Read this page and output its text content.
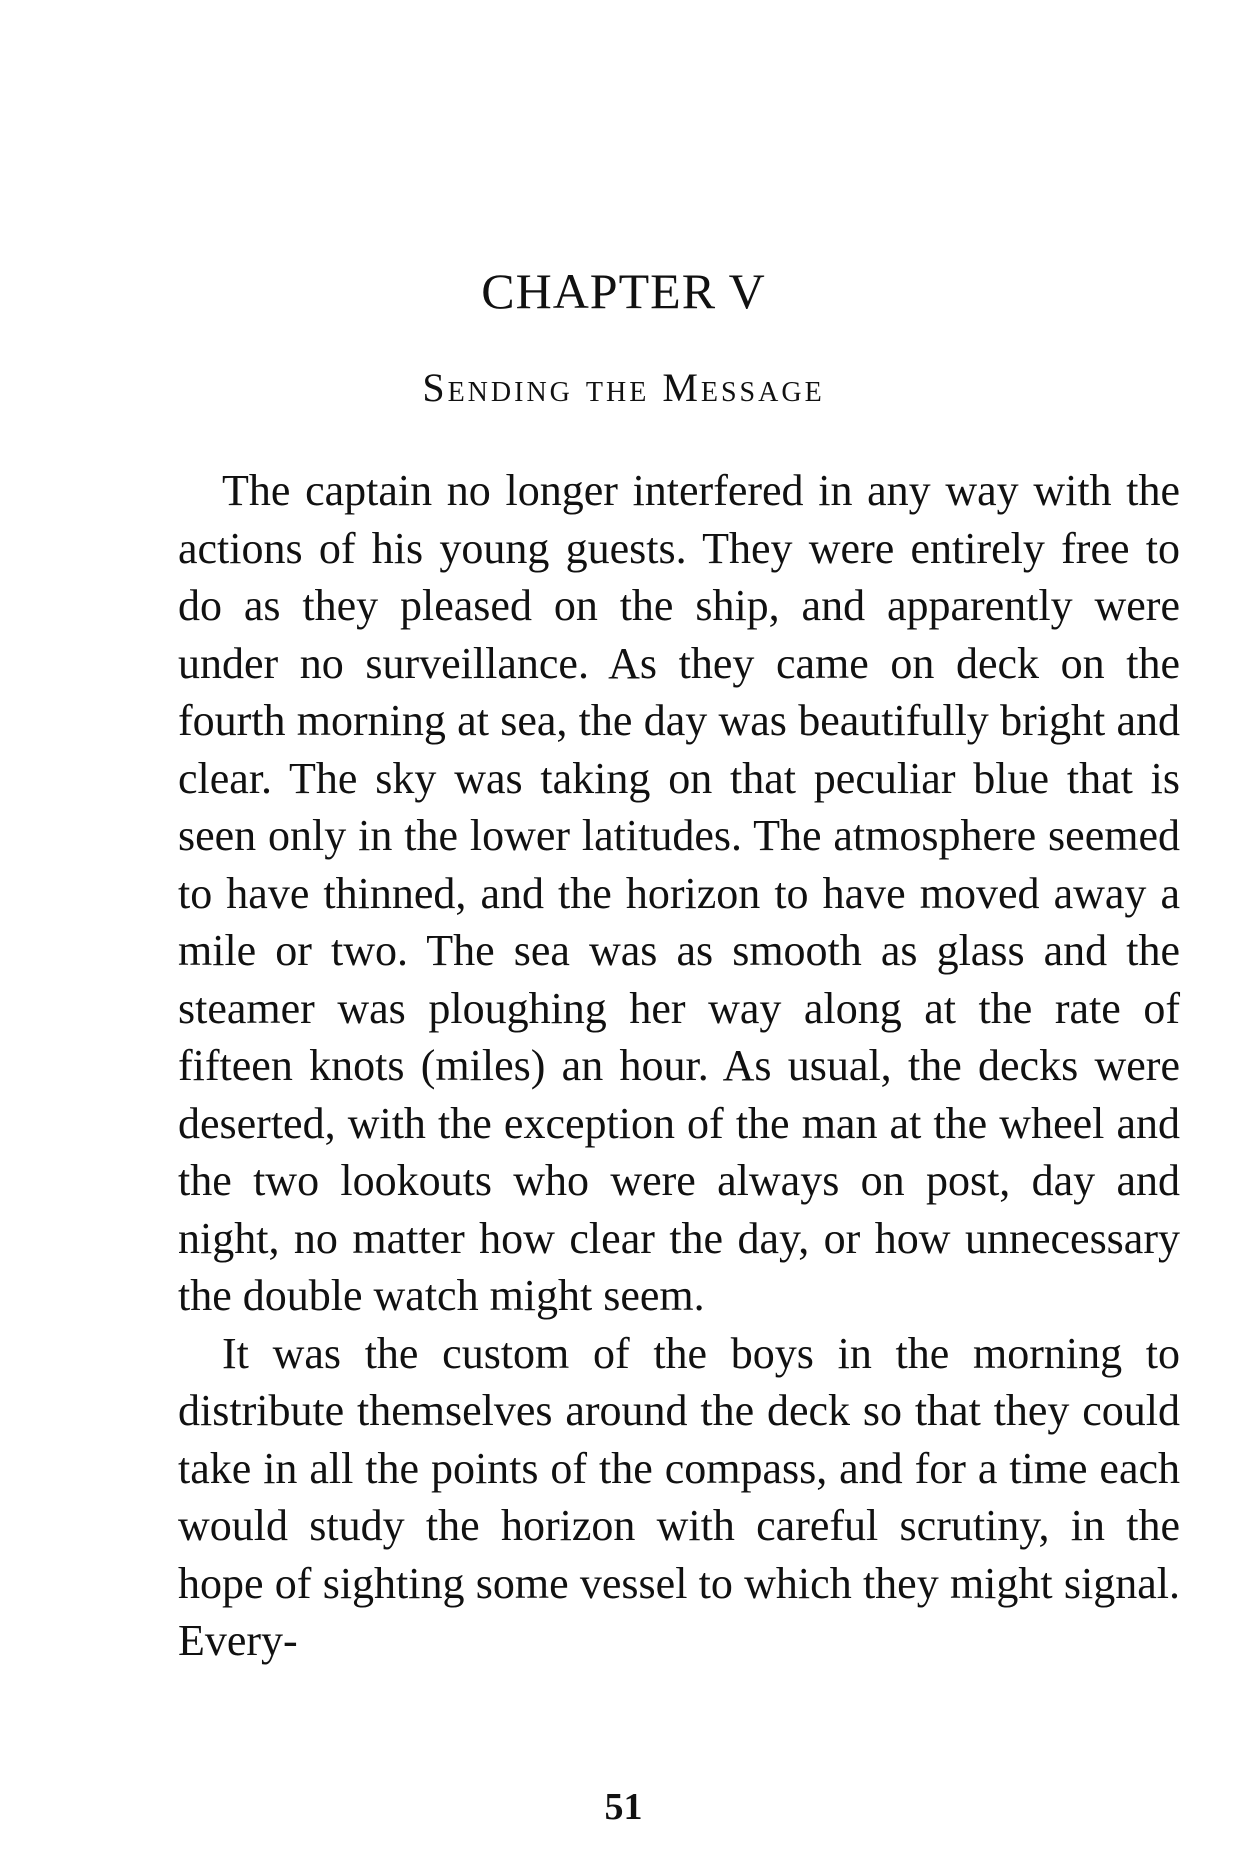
CHAPTER V
Sending the Message

The captain no longer interfered in any way with the actions of his young guests. They were entirely free to do as they pleased on the ship, and apparently were under no surveillance. As they came on deck on the fourth morning at sea, the day was beautifully bright and clear. The sky was taking on that peculiar blue that is seen only in the lower latitudes. The atmosphere seemed to have thinned, and the horizon to have moved away a mile or two. The sea was as smooth as glass and the steamer was ploughing her way along at the rate of fifteen knots (miles) an hour. As usual, the decks were deserted, with the exception of the man at the wheel and the two lookouts who were always on post, day and night, no matter how clear the day, or how unnecessary the double watch might seem.

It was the custom of the boys in the morning to distribute themselves around the deck so that they could take in all the points of the compass, and for a time each would study the horizon with careful scrutiny, in the hope of sighting some vessel to which they might signal. Every-

51
